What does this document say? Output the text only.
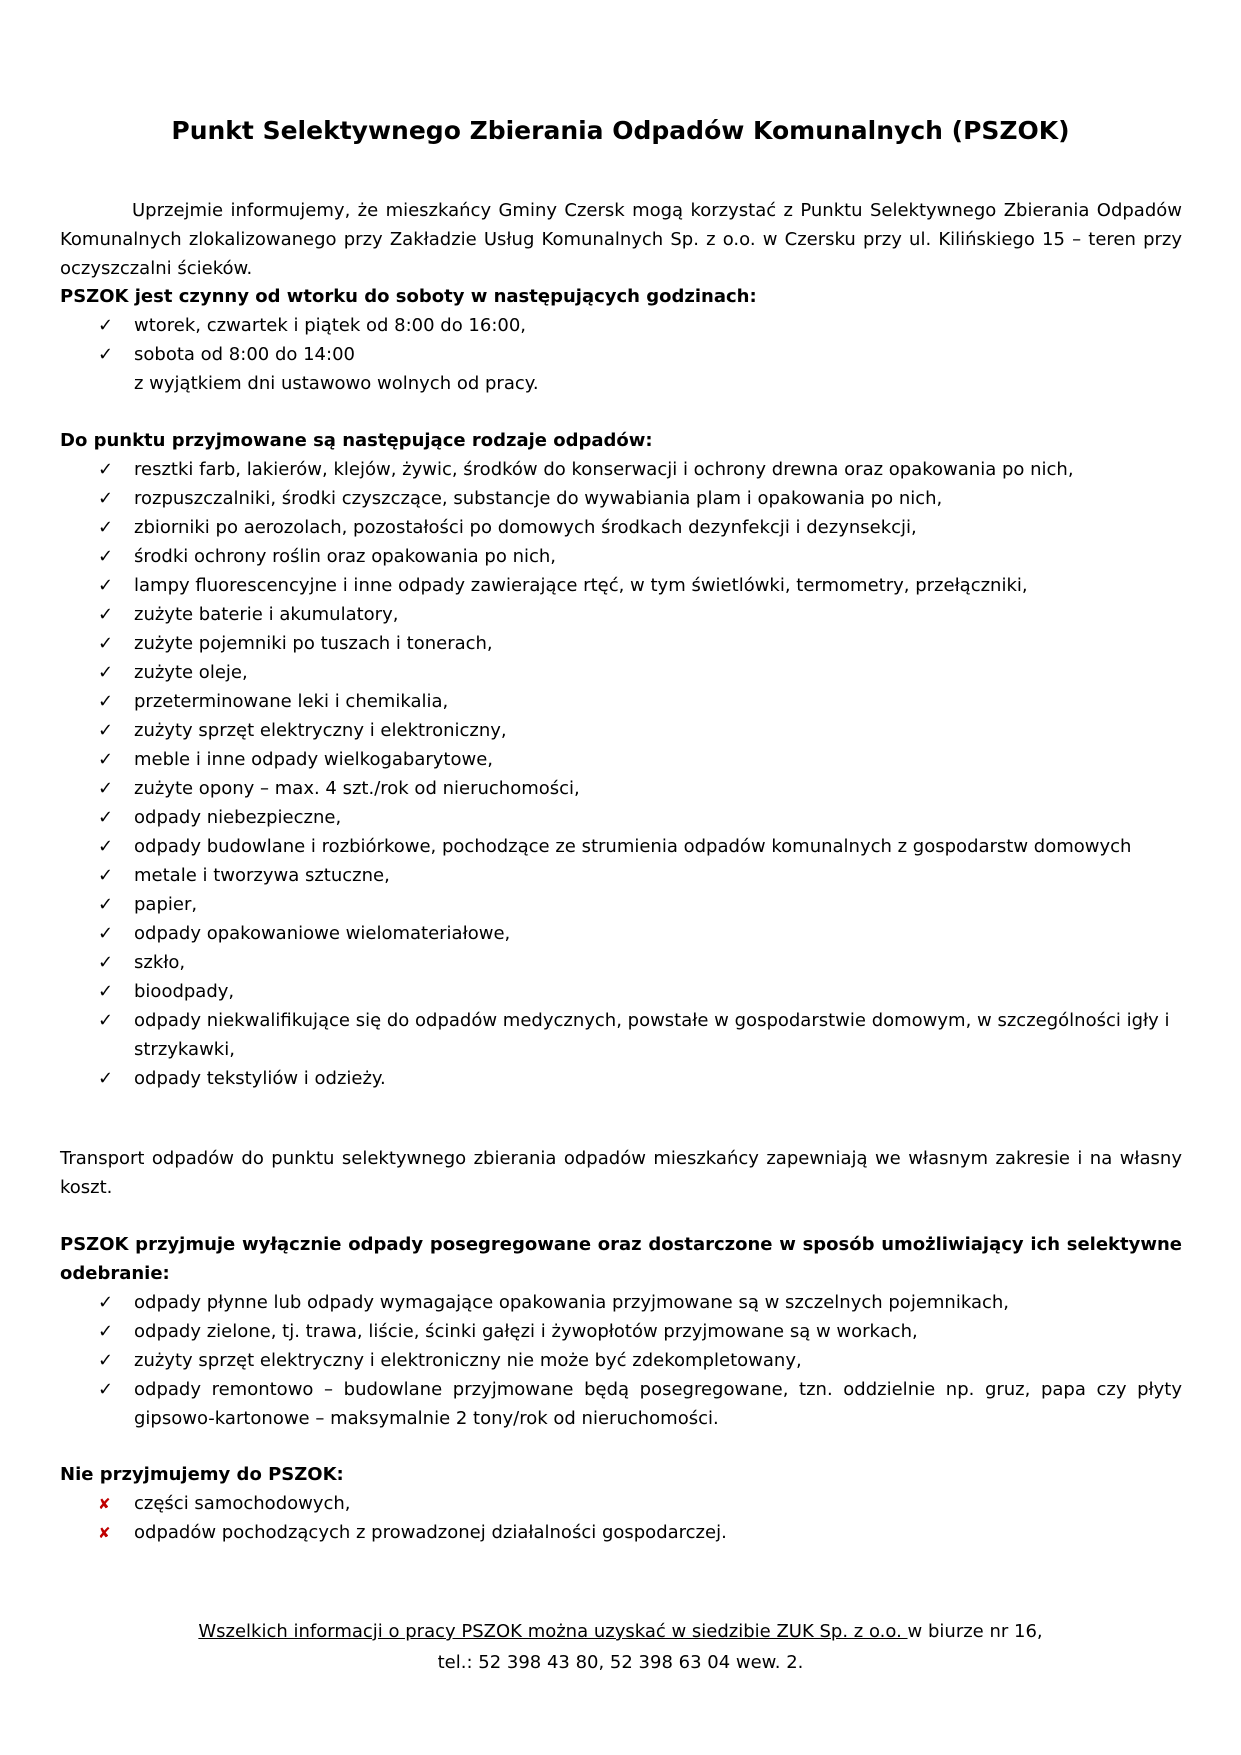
Punkt Selektywnego Zbierania Odpadów Komunalnych (PSZOK)

Uprzejmie informujemy, że mieszkańcy Gminy Czersk mogą korzystać z Punktu Selektywnego Zbierania Odpadów Komunalnych zlokalizowanego przy Zakładzie Usług Komunalnych Sp. z o.o. w Czersku przy ul. Kilińskiego 15 – teren przy oczyszczalni ścieków.

PSZOK jest czynny od wtorku do soboty w następujących godzinach:

✓ wtorek, czwartek i piątek od 8:00 do 16:00,
✓ sobota od 8:00 do 14:00

z wyjątkiem dni ustawowo wolnych od pracy.

Do punktu przyjmowane są następujące rodzaje odpadów:

✓ resztki farb, lakierów, klejów, żywic, środków do konserwacji i ochrony drewna oraz opakowania po nich,
✓ rozpuszczalniki, środki czyszczące, substancje do wywabiania plam i opakowania po nich,
✓ zbiorniki po aerozolach, pozostałości po domowych środkach dezynfekcji i dezynsekcji,
✓ środki ochrony roślin oraz opakowania po nich,
✓ lampy fluorescencyjne i inne odpady zawierające rtęć, w tym świetlówki, termometry, przełączniki,
✓ zużyte baterie i akumulatory,
✓ zużyte pojemniki po tuszach i tonerach,
✓ zużyte oleje,
✓ przeterminowane leki i chemikalia,
✓ zużyty sprzęt elektryczny i elektroniczny,
✓ meble i inne odpady wielkogabarytowe,
✓ zużyte opony – max. 4 szt./rok od nieruchomości,
✓ odpady niebezpieczne,
✓ odpady budowlane i rozbiórkowe, pochodzące ze strumienia odpadów komunalnych z gospodarstw domowych
✓ metale i tworzywa sztuczne,
✓ papier,
✓ odpady opakowaniowe wielomateriałowe,
✓ szkło,
✓ bioodpady,
✓ odpady niekwalifikujące się do odpadów medycznych, powstałe w gospodarstwie domowym, w szczególności igły i strzykawki,
✓ odpady tekstyliów i odzieży.

Transport odpadów do punktu selektywnego zbierania odpadów mieszkańcy zapewniają we własnym zakresie i na własny koszt.

PSZOK przyjmuje wyłącznie odpady posegregowane oraz dostarczone w sposób umożliwiający ich selektywne odebranie:

✓ odpady płynne lub odpady wymagające opakowania przyjmowane są w szczelnych pojemnikach,
✓ odpady zielone, tj. trawa, liście, ścinki gałęzi i żywopłotów przyjmowane są w workach,
✓ zużyty sprzęt elektryczny i elektroniczny nie może być zdekompletowany,
✓ odpady remontowo – budowlane przyjmowane będą posegregowane, tzn. oddzielnie np. gruz, papa czy płyty gipsowo-kartonowe – maksymalnie 2 tony/rok od nieruchomości.

Nie przyjmujemy do PSZOK:

✘	części samochodowych,
✘	odpadów pochodzących z prowadzonej działalności gospodarczej.

Wszelkich informacji o pracy PSZOK można uzyskać w siedzibie ZUK Sp. z o.o. w biurze nr 16,

tel.: 52 398 43 80, 52 398 63 04 wew. 2.
